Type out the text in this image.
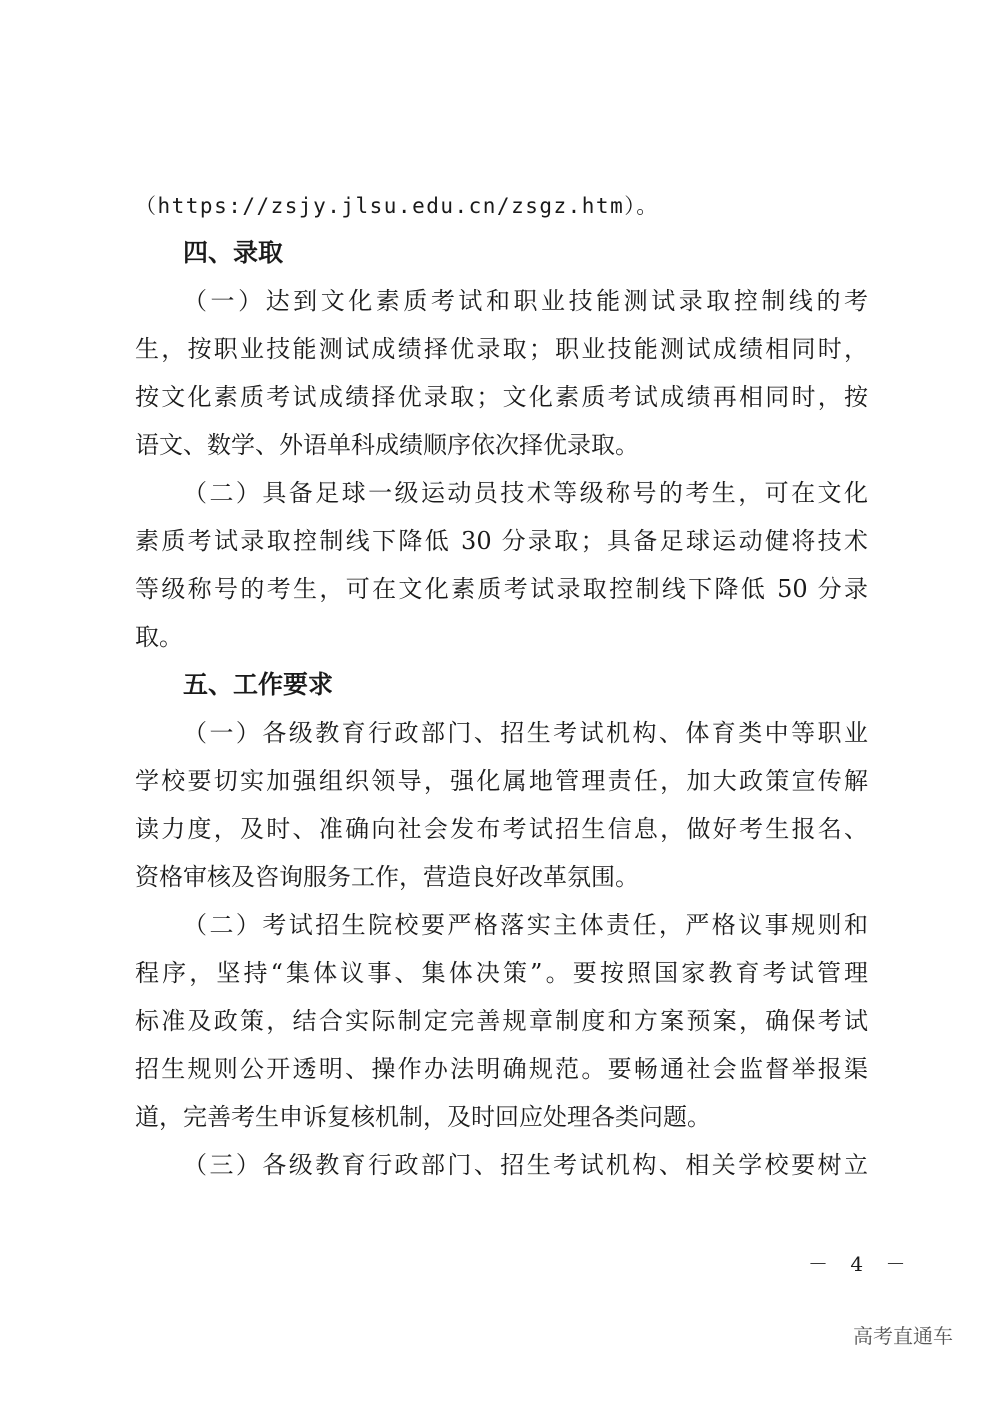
（https://zsjy.jlsu.edu.cn/zsgz.htm）。
四、录取
（一）达到文化素质考试和职业技能测试录取控制线的考
生，按职业技能测试成绩择优录取；职业技能测试成绩相同时，
按文化素质考试成绩择优录取；文化素质考试成绩再相同时，按
语文、数学、外语单科成绩顺序依次择优录取。
（二）具备足球一级运动员技术等级称号的考生，可在文化
素质考试录取控制线下降低 30 分录取；具备足球运动健将技术
等级称号的考生，可在文化素质考试录取控制线下降低 50 分录
取。
五、工作要求
（一）各级教育行政部门、招生考试机构、体育类中等职业
学校要切实加强组织领导，强化属地管理责任，加大政策宣传解
读力度，及时、准确向社会发布考试招生信息，做好考生报名、
资格审核及咨询服务工作，营造良好改革氛围。
（二）考试招生院校要严格落实主体责任，严格议事规则和
程序，坚持“集体议事、集体决策”。要按照国家教育考试管理
标准及政策，结合实际制定完善规章制度和方案预案，确保考试
招生规则公开透明、操作办法明确规范。要畅通社会监督举报渠
道，完善考生申诉复核机制，及时回应处理各类问题。
（三）各级教育行政部门、招生考试机构、相关学校要树立
－ 4 －
高考直通车
